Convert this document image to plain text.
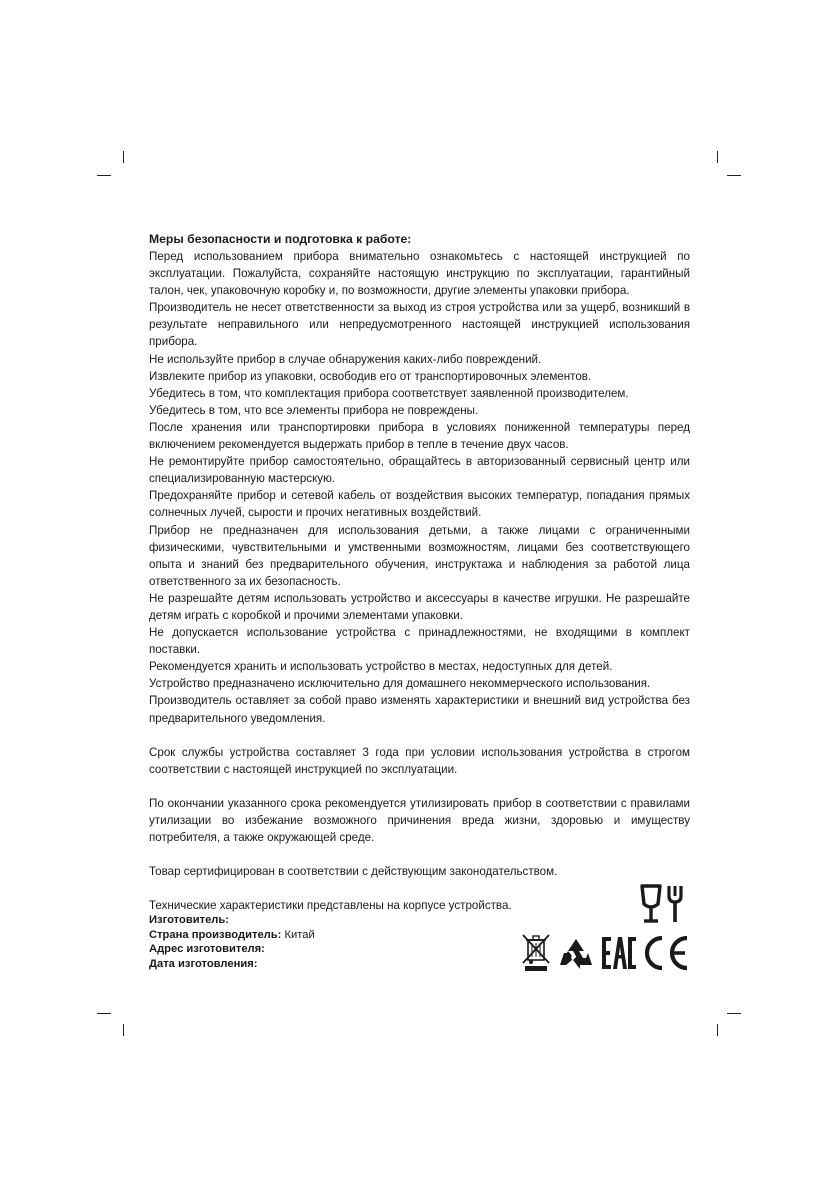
Меры безопасности и подготовка к работе:

Перед использованием прибора внимательно ознакомьтесь с настоящей инструкцией по эксплуатации. Пожалуйста, сохраняйте настоящую инструкцию по эксплуатации, гарантийный талон, чек, упаковочную коробку и, по возможности, другие элементы упаковки прибора.

Производитель не несет ответственности за выход из строя устройства или за ущерб, возникший в результате неправильного или непредусмотренного настоящей инструкцией использования прибора.

Не используйте прибор в случае обнаружения каких-либо повреждений.

Извлеките прибор из упаковки, освободив его от транспортировочных элементов.

Убедитесь в том, что комплектация прибора соответствует заявленной производителем.

Убедитесь в том, что все элементы прибора не повреждены.

После хранения или транспортировки прибора в условиях пониженной температуры перед включением рекомендуется выдержать прибор в тепле в течение двух часов.

Не ремонтируйте прибор самостоятельно, обращайтесь в авторизованный сервисный центр или специализированную мастерскую.

Предохраняйте прибор и сетевой кабель от воздействия высоких температур, попадания прямых солнечных лучей, сырости и прочих негативных воздействий.

Прибор не предназначен для использования детьми, а также лицами с ограниченными физическими, чувствительными и умственными возможностям, лицами без соответствующего опыта и знаний без предварительного обучения, инструктажа и наблюдения за работой лица ответственного за их безопасность.

Не разрешайте детям использовать устройство и аксессуары в качестве игрушки. Не разрешайте детям играть с коробкой и прочими элементами упаковки.

Не допускается использование устройства с принадлежностями, не входящими в комплект поставки.

Рекомендуется хранить и использовать устройство в местах, недоступных для детей.

Устройство предназначено исключительно для домашнего некоммерческого использования.

Производитель оставляет за собой право изменять характеристики и внешний вид устройства без предварительного уведомления.

Срок службы устройства составляет 3 года при условии использования устройства в строгом соответствии с настоящей инструкцией по эксплуатации.

По окончании указанного срока рекомендуется утилизировать прибор в соответствии с правилами утилизации во избежание возможного причинения вреда жизни, здоровью и имуществу потребителя, а также окружающей среде.

Товар сертифицирован в соответствии с действующим законодательством.

Технические характеристики представлены на корпусе устройства.

Изготовитель:
Страна производитель: Китай
Адрес изготовителя:
Дата изготовления:
